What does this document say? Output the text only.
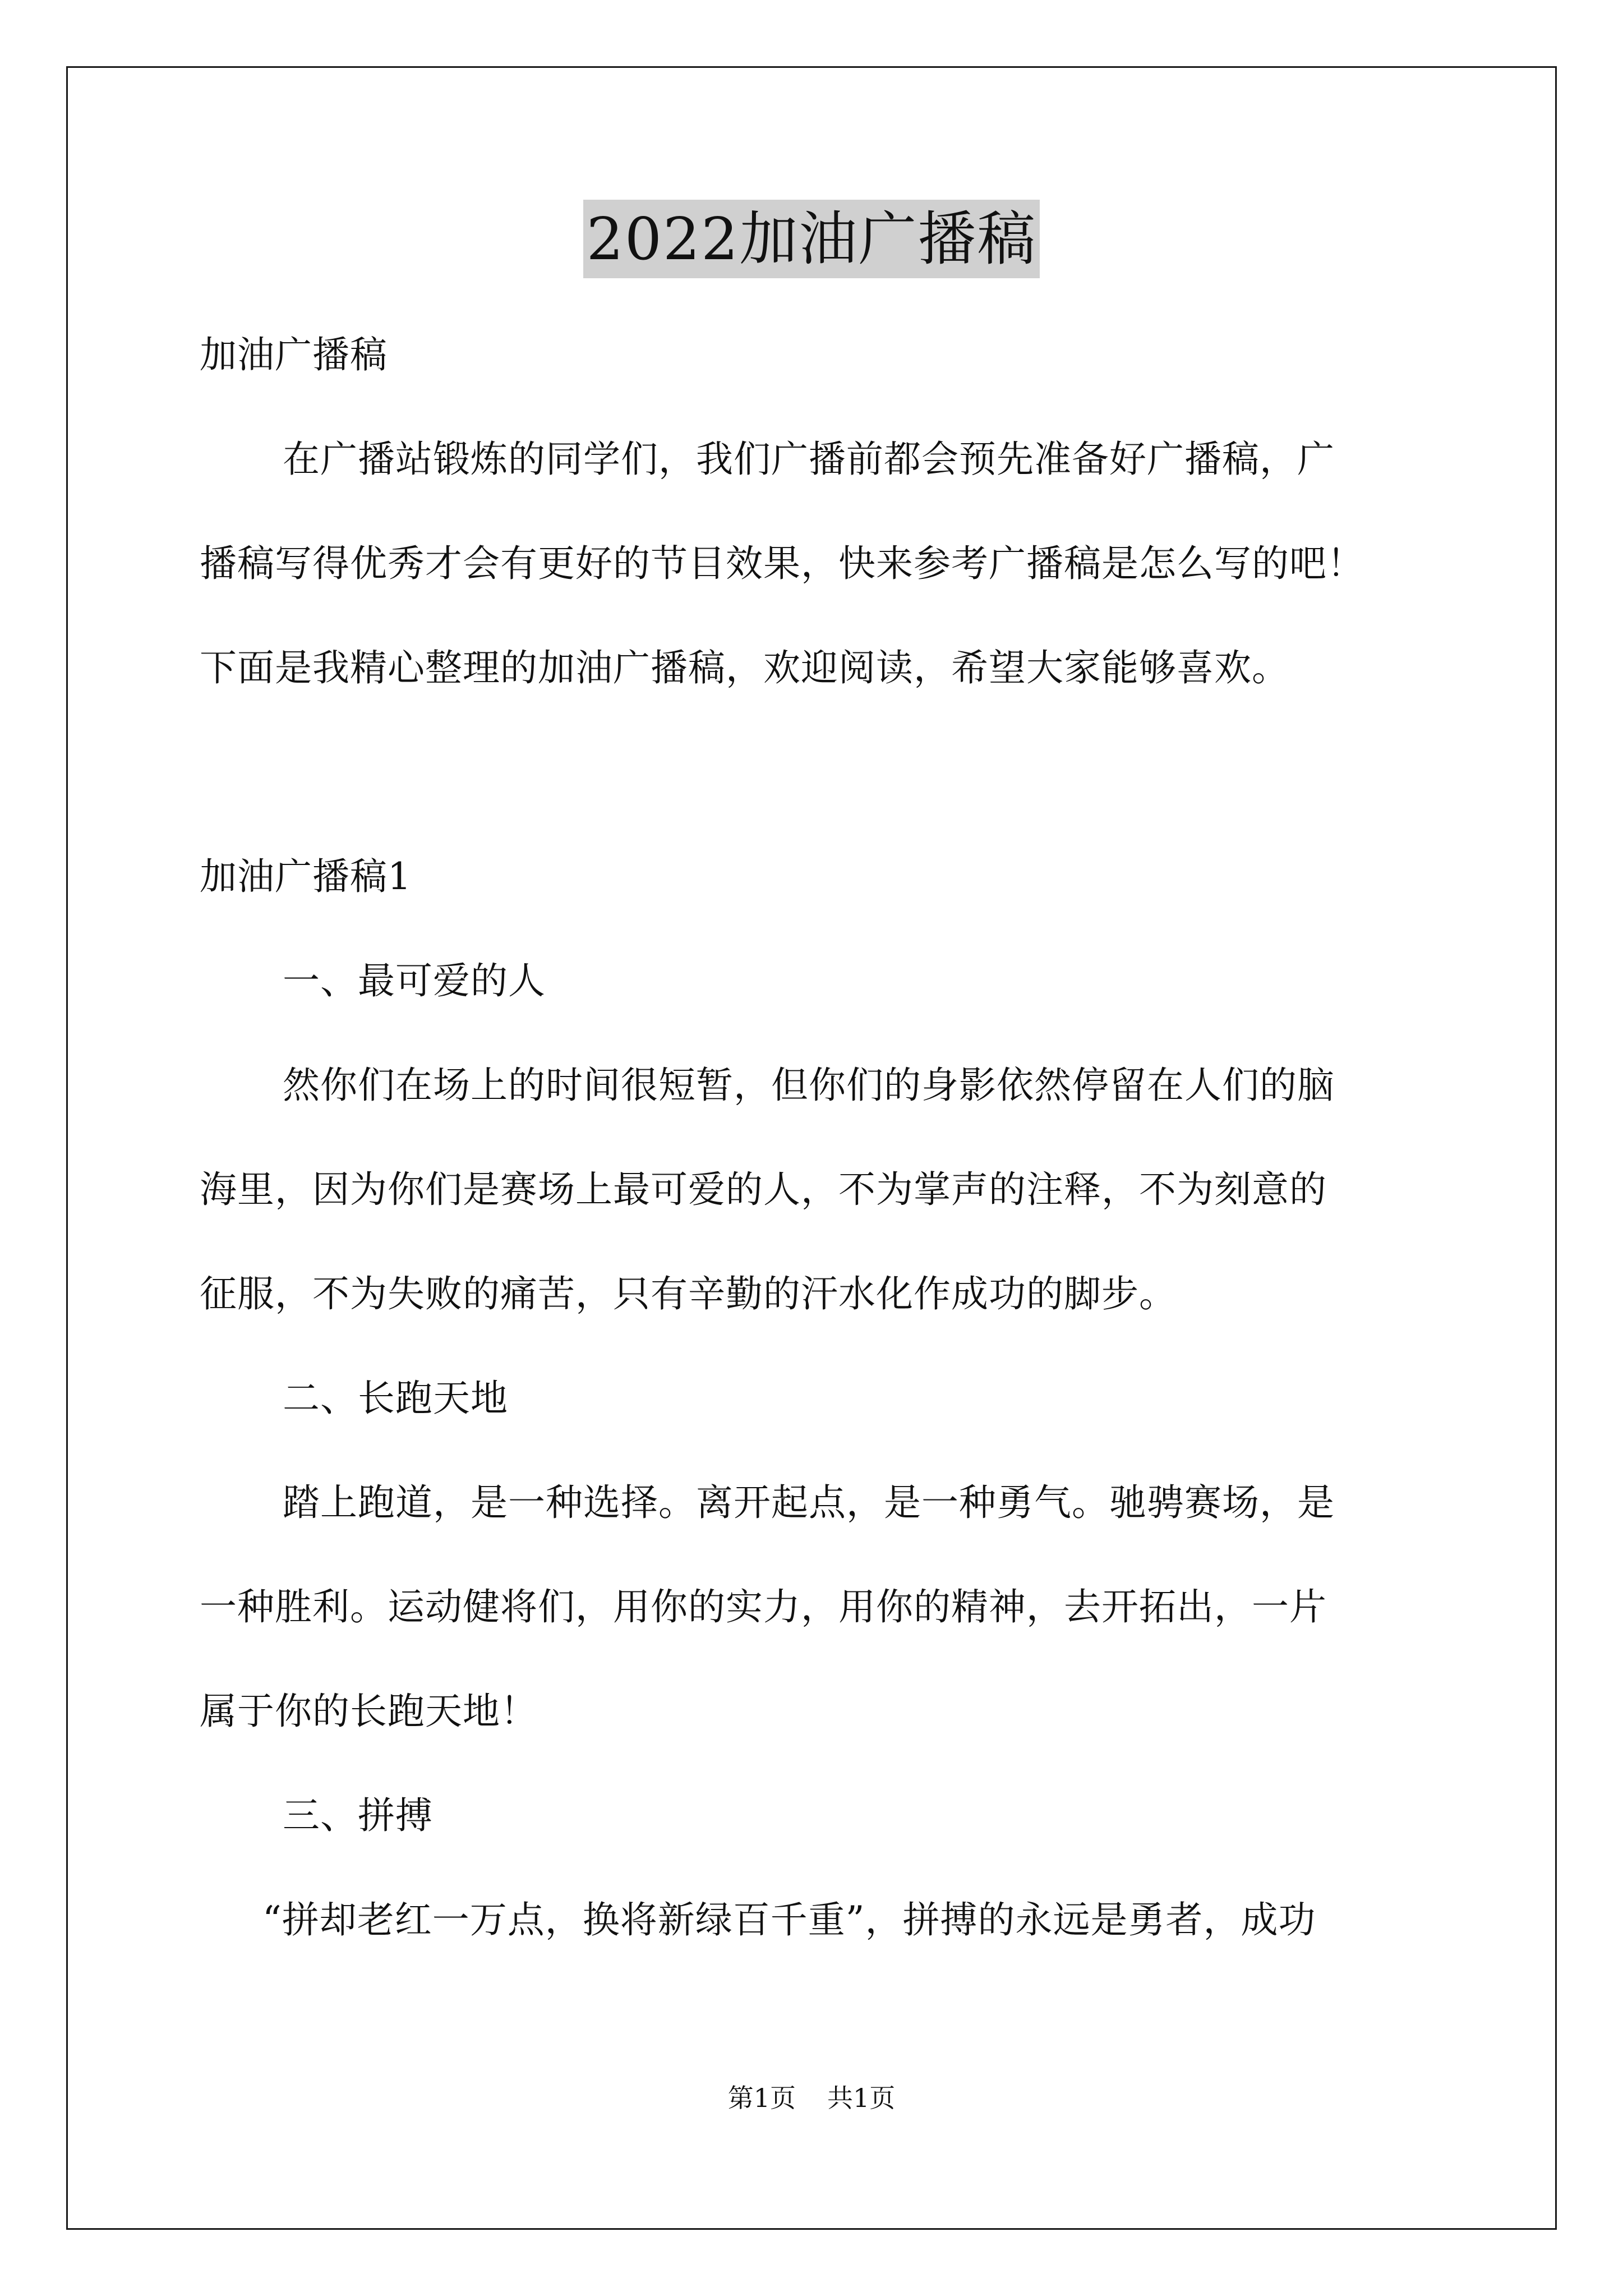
2022加油广播稿
加油广播稿
在广播站锻炼的同学们，我们广播前都会预先准备好广播稿，广
播稿写得优秀才会有更好的节目效果，快来参考广播稿是怎么写的吧！
下面是我精心整理的加油广播稿，欢迎阅读，希望大家能够喜欢。
加油广播稿1
一、最可爱的人
然你们在场上的时间很短暂，但你们的身影依然停留在人们的脑
海里，因为你们是赛场上最可爱的人，不为掌声的注释，不为刻意的
征服，不为失败的痛苦，只有辛勤的汗水化作成功的脚步。
二、长跑天地
踏上跑道，是一种选择。离开起点，是一种勇气。驰骋赛场，是
一种胜利。运动健将们，用你的实力，用你的精神，去开拓出，一片
属于你的长跑天地！
三、拼搏
“拼却老红一万点，换将新绿百千重”，拼搏的永远是勇者，成功
第1页 共1页
